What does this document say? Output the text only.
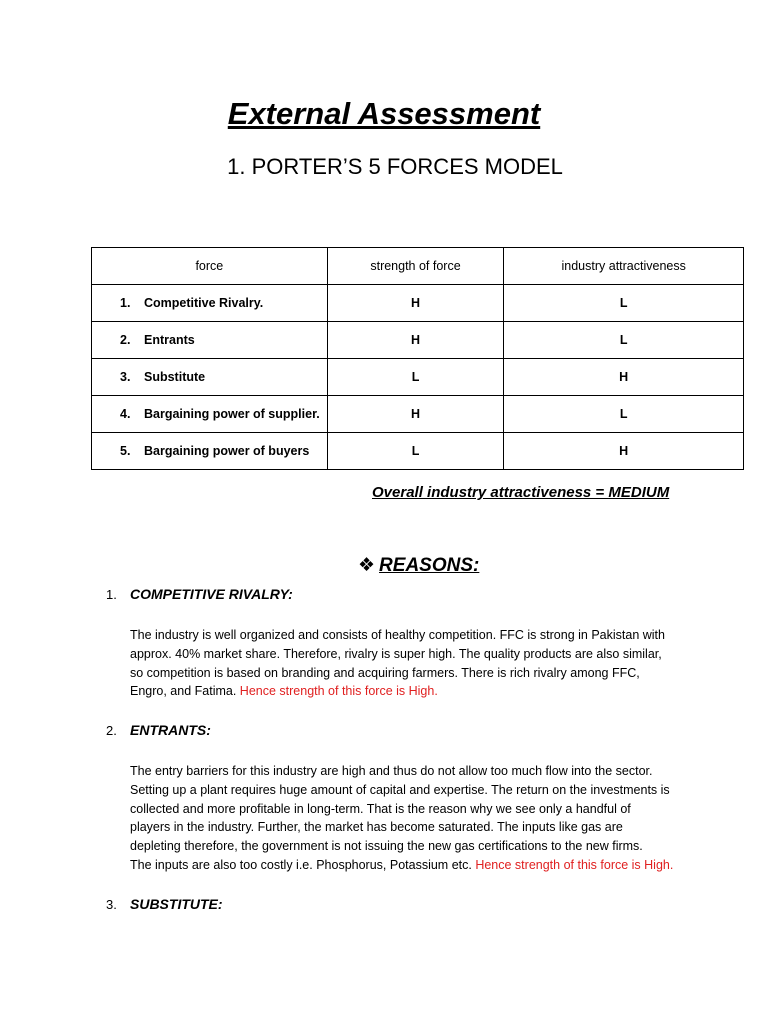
External Assessment
1. PORTER’S 5 FORCES MODEL
force	strength of force	industry attractiveness
1. Competitive Rivalry.	H	L
2. Entrants	H	L
3. Substitute	L	H
4. Bargaining power of supplier.	H	L
5. Bargaining power of buyers	L	H
Overall industry attractiveness = MEDIUM
❖ REASONS:
1. COMPETITIVE RIVALRY:
The industry is well organized and consists of healthy competition. FFC is strong in Pakistan with
approx. 40% market share. Therefore, rivalry is super high. The quality products are also similar,
so competition is based on branding and acquiring farmers. There is rich rivalry among FFC,
Engro, and Fatima. Hence strength of this force is High.
2. ENTRANTS:
The entry barriers for this industry are high and thus do not allow too much flow into the sector.
Setting up a plant requires huge amount of capital and expertise. The return on the investments is
collected and more profitable in long-term. That is the reason why we see only a handful of
players in the industry. Further, the market has become saturated. The inputs like gas are
depleting therefore, the government is not issuing the new gas certifications to the new firms.
The inputs are also too costly i.e. Phosphorus, Potassium etc. Hence strength of this force is High.
3. SUBSTITUTE:
